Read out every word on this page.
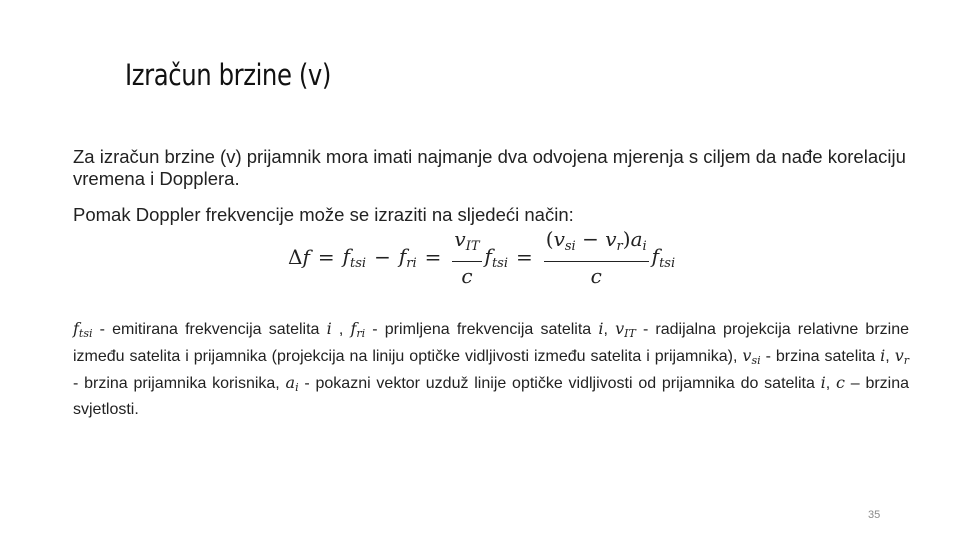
Izračun brzine (v)
Za izračun brzine (v) prijamnik mora imati najmanje dva odvojena mjerenja s ciljem da nađe korelaciju vremena i Dopplera.
Pomak Doppler frekvencije može se izraziti na sljedeći način:
Δ $f = f_{tsi} - f_{ri} = \frac{v_{IT}}{c} f_{tsi} = \frac{(v_{si} - v_r)a_i}{c} f_{tsi}$
$f_{tsi}$ - emitirana frekvencija satelita i , $f_{ri}$ - primljena frekvencija satelita i, $v_{IT}$ - radijalna projekcija relativne brzine između satelita i prijamnika (projekcija na liniju optičke vidljivosti između satelita i prijamnika), $v_{si}$ - brzina satelita i, $v_r$ - brzina prijamnika korisnika, $a_i$ - pokazni vektor uzduž linije optičke vidljivosti od prijamnika do satelita i, c – brzina svjetlosti.
35
